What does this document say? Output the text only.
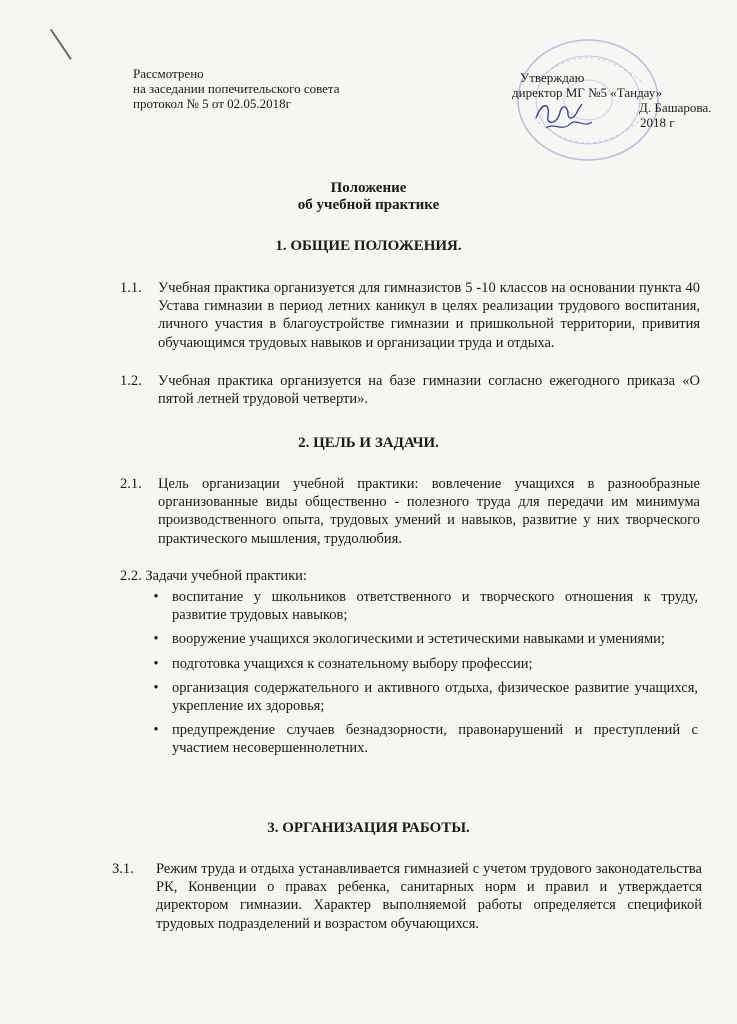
Рассмотрено
на заседании попечительского совета
протокол № 5 от 02.05.2018г
Утверждаю
директор МГ №5 «Тандау»
Д. Башарова.
2018 г
Положение
об учебной практике
1. ОБЩИЕ ПОЛОЖЕНИЯ.
1.1.	Учебная практика организуется для гимназистов 5 -10 классов на основании пункта 40 Устава гимназии в период летних каникул в целях реализации трудового воспитания, личного участия в благоустройстве гимназии и пришкольной территории, привития обучающимся трудовых навыков и организации труда и отдыха.
1.2.	Учебная практика организуется на базе гимназии согласно ежегодного приказа «О пятой летней трудовой четверти».
2. ЦЕЛЬ И ЗАДАЧИ.
2.1.	Цель организации учебной практики: вовлечение учащихся в разнообразные организованные виды общественно - полезного труда для передачи им минимума производственного опыта, трудовых умений и навыков, развитие у них творческого практического мышления, трудолюбия.
2.2. Задачи учебной практики:
• воспитание у школьников ответственного и творческого отношения к труду, развитие трудовых навыков;
• вооружение учащихся экологическими и эстетическими навыками и умениями;
• подготовка учащихся к сознательному выбору профессии;
• организация содержательного и активного отдыха, физическое развитие учащихся, укрепление их здоровья;
• предупреждение случаев безнадзорности, правонарушений и преступлений с участием несовершеннолетних.
3. ОРГАНИЗАЦИЯ РАБОТЫ.
3.1.	Режим труда и отдыха устанавливается гимназией с учетом трудового законодательства РК, Конвенции о правах ребенка, санитарных норм и правил и утверждается директором гимназии. Характер выполняемой работы определяется спецификой трудовых подразделений и возрастом обучающихся.
